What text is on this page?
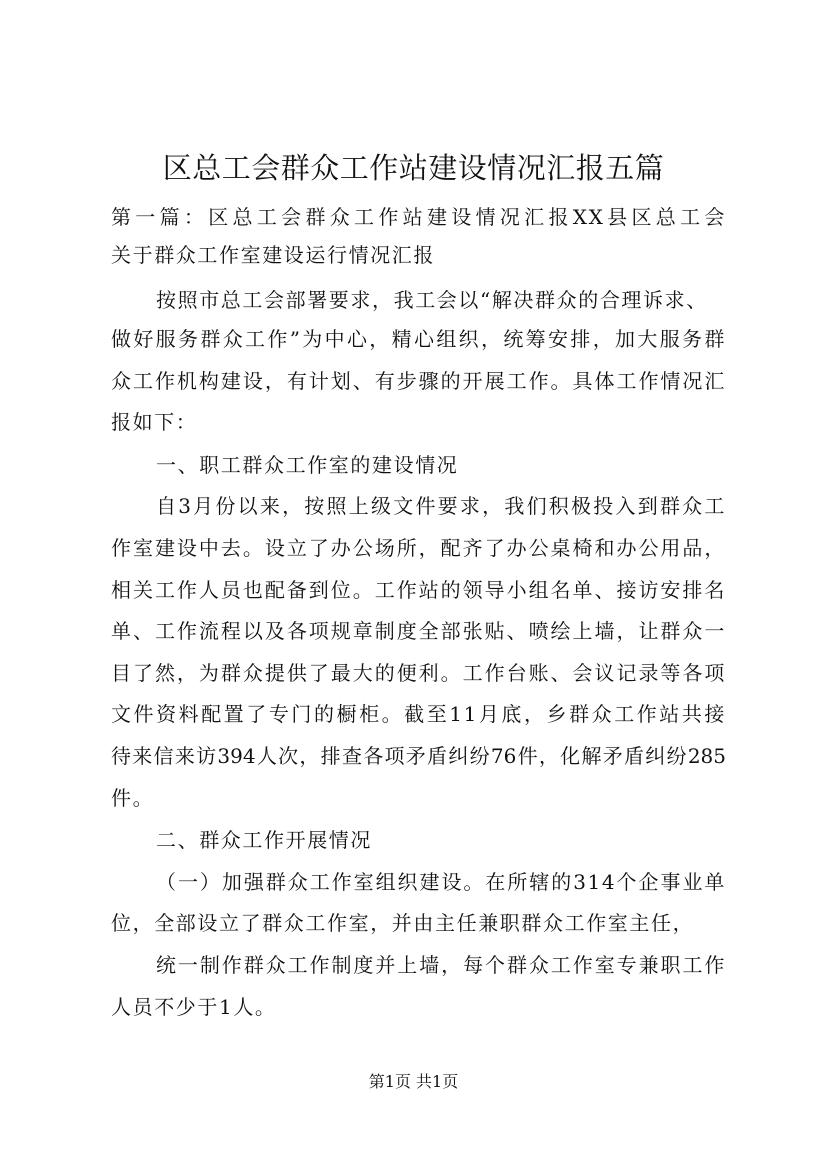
区总工会群众工作站建设情况汇报五篇
第一篇：区总工会群众工作站建设情况汇报XX县区总工会
关于群众工作室建设运行情况汇报
按照市总工会部署要求，我工会以“解决群众的合理诉求、
做好服务群众工作”为中心，精心组织，统筹安排，加大服务群
众工作机构建设，有计划、有步骤的开展工作。具体工作情况汇
报如下：
一、职工群众工作室的建设情况
自3月份以来，按照上级文件要求，我们积极投入到群众工
作室建设中去。设立了办公场所，配齐了办公桌椅和办公用品，
相关工作人员也配备到位。工作站的领导小组名单、接访安排名
单、工作流程以及各项规章制度全部张贴、喷绘上墙，让群众一
目了然，为群众提供了最大的便利。工作台账、会议记录等各项
文件资料配置了专门的橱柜。截至11月底，乡群众工作站共接
待来信来访394人次，排查各项矛盾纠纷76件，化解矛盾纠纷285
件。
二、群众工作开展情况
（一）加强群众工作室组织建设。在所辖的314个企事业单
位，全部设立了群众工作室，并由主任兼职群众工作室主任，
统一制作群众工作制度并上墙，每个群众工作室专兼职工作
人员不少于1人。
第1页 共1页
